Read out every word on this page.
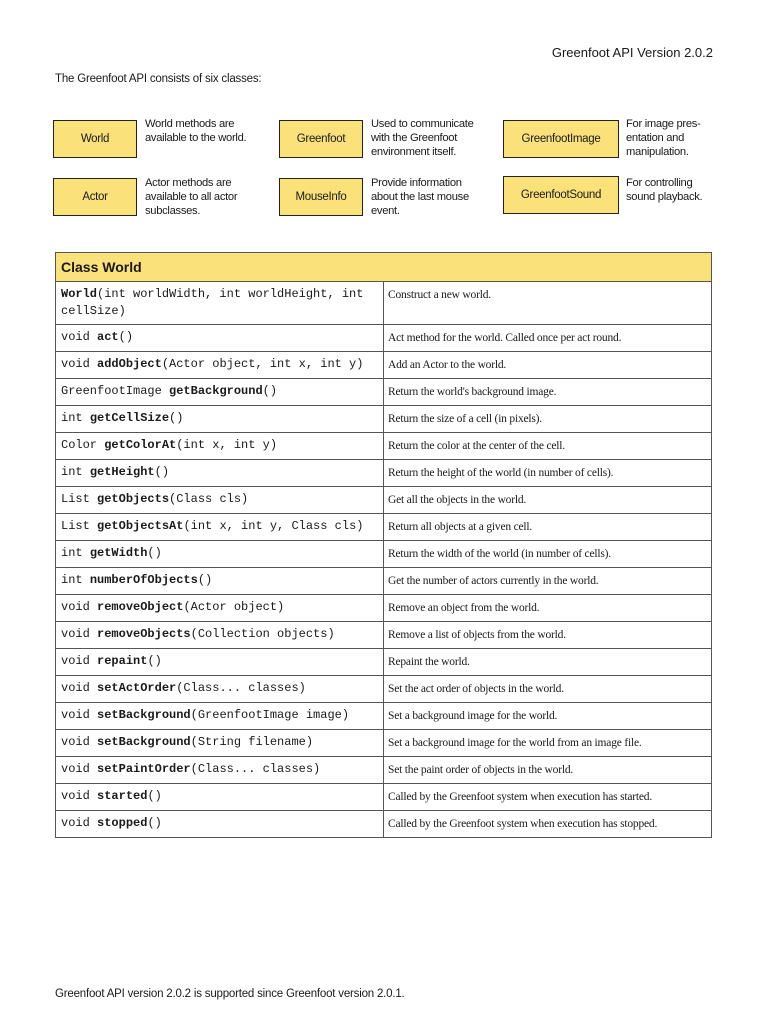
Greenfoot API Version 2.0.2
The Greenfoot API consists of six classes:
World
World methods are
available to the world.	Greenfoot
Used to communicate
with the Greenfoot
environment itself.
GreenfootImage
For image pres-
entation and
manipulation.
Actor
Actor methods are
available to all actor
subclasses.
MouseInfo
Provide information
about the last mouse
event.
GreenfootSound
For controlling
sound playback.
Class World	
World(int worldWidth, int worldHeight, int cellSize)	Construct a new world.
void act()	Act method for the world. Called once per act round.
void addObject(Actor object, int x, int y)	Add an Actor to the world.
GreenfootImage getBackground()	Return the world's background image.
int getCellSize()	Return the size of a cell (in pixels).
Color getColorAt(int x, int y)	Return the color at the center of the cell.
int getHeight()	Return the height of the world (in number of cells).
List getObjects(Class cls)	Get all the objects in the world.
List getObjectsAt(int x, int y, Class cls)	Return all objects at a given cell.
int getWidth()	Return the width of the world (in number of cells).
int numberOfObjects()	Get the number of actors currently in the world.
void removeObject(Actor object)	Remove an object from the world.
void removeObjects(Collection objects)	Remove a list of objects from the world.
void repaint()	Repaint the world.
void setActOrder(Class... classes)	Set the act order of objects in the world.
void setBackground(GreenfootImage image)	Set a background image for the world.
void setBackground(String filename)	Set a background image for the world from an image file.
void setPaintOrder(Class... classes)	Set the paint order of objects in the world.
void started()	Called by the Greenfoot system when execution has started.
void stopped()	Called by the Greenfoot system when execution has stopped.
Greenfoot API version 2.0.2 is supported since Greenfoot version 2.0.1.
